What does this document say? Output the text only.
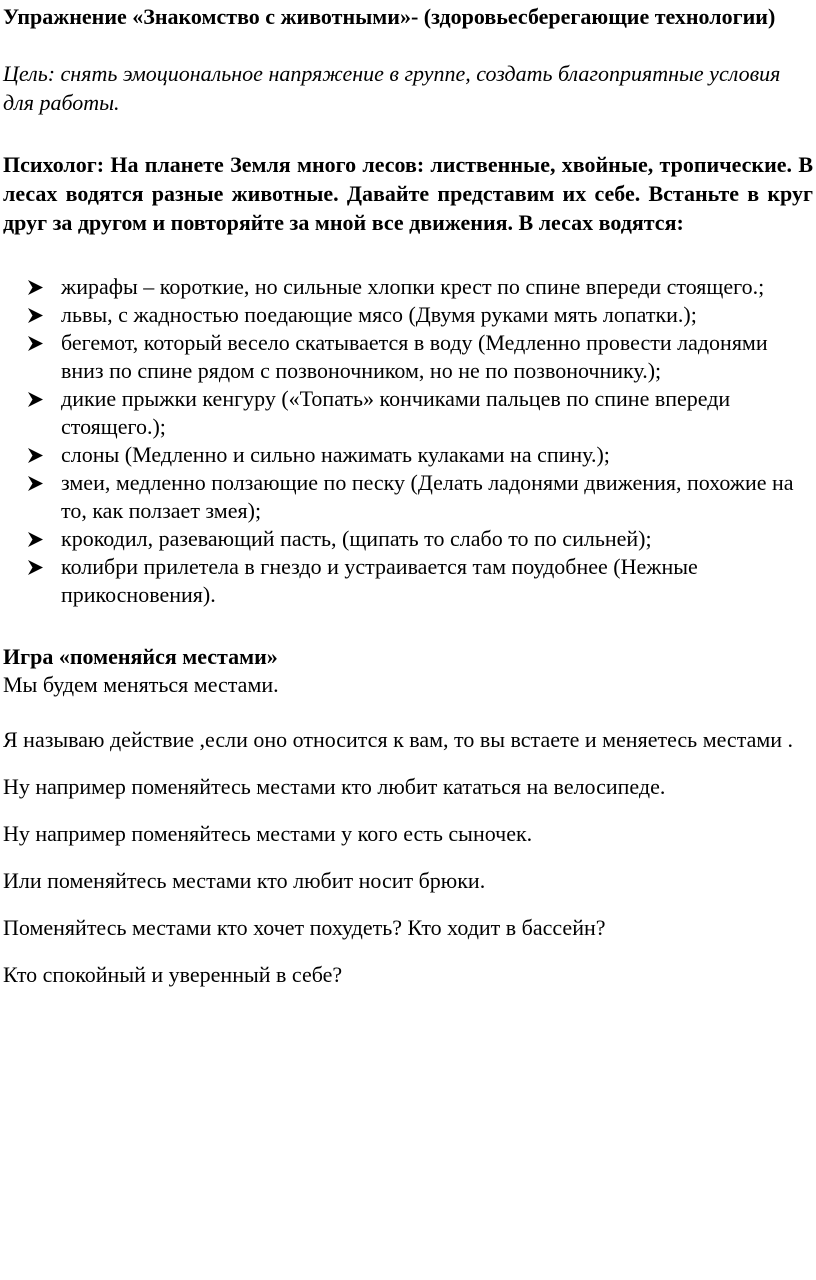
Упражнение «Знакомство с животными»- (здоровьесберегающие технологии)

Цель: снять эмоциональное напряжение в группе, создать благоприятные условия для работы.

Психолог: На планете Земля много лесов: лиственные, хвойные, тропические. В лесах водятся разные животные. Давайте представим их себе. Встаньте в круг друг за другом и повторяйте за мной все движения. В лесах водятся:

жирафы – короткие, но сильные хлопки крест по спине впереди стоящего.;
львы, с жадностью поедающие мясо (Двумя руками мять лопатки.);
бегемот, который весело скатывается в воду (Медленно провести ладонями вниз по спине рядом с позвоночником, но не по позвоночнику.);
дикие прыжки кенгуру («Топать» кончиками пальцев по спине впереди стоящего.);
слоны (Медленно и сильно нажимать кулаками на спину.);
змеи, медленно ползающие по песку (Делать ладонями движения, похожие на то, как ползает змея);
крокодил, разевающий пасть, (щипать то слабо то по сильней);
колибри прилетела в гнездо и устраивается там поудобнее (Нежные прикосновения).

Игра «поменяйся местами»

Мы будем меняться местами.

Я называю действие ,если оно относится к вам, то вы встаете и меняетесь местами .

Ну например поменяйтесь местами кто любит кататься на велосипеде.

Ну например поменяйтесь местами у кого есть сыночек.

Или поменяйтесь местами кто любит носит брюки.

Поменяйтесь местами кто хочет похудеть? Кто ходит в бассейн?

Кто спокойный и уверенный в себе?
